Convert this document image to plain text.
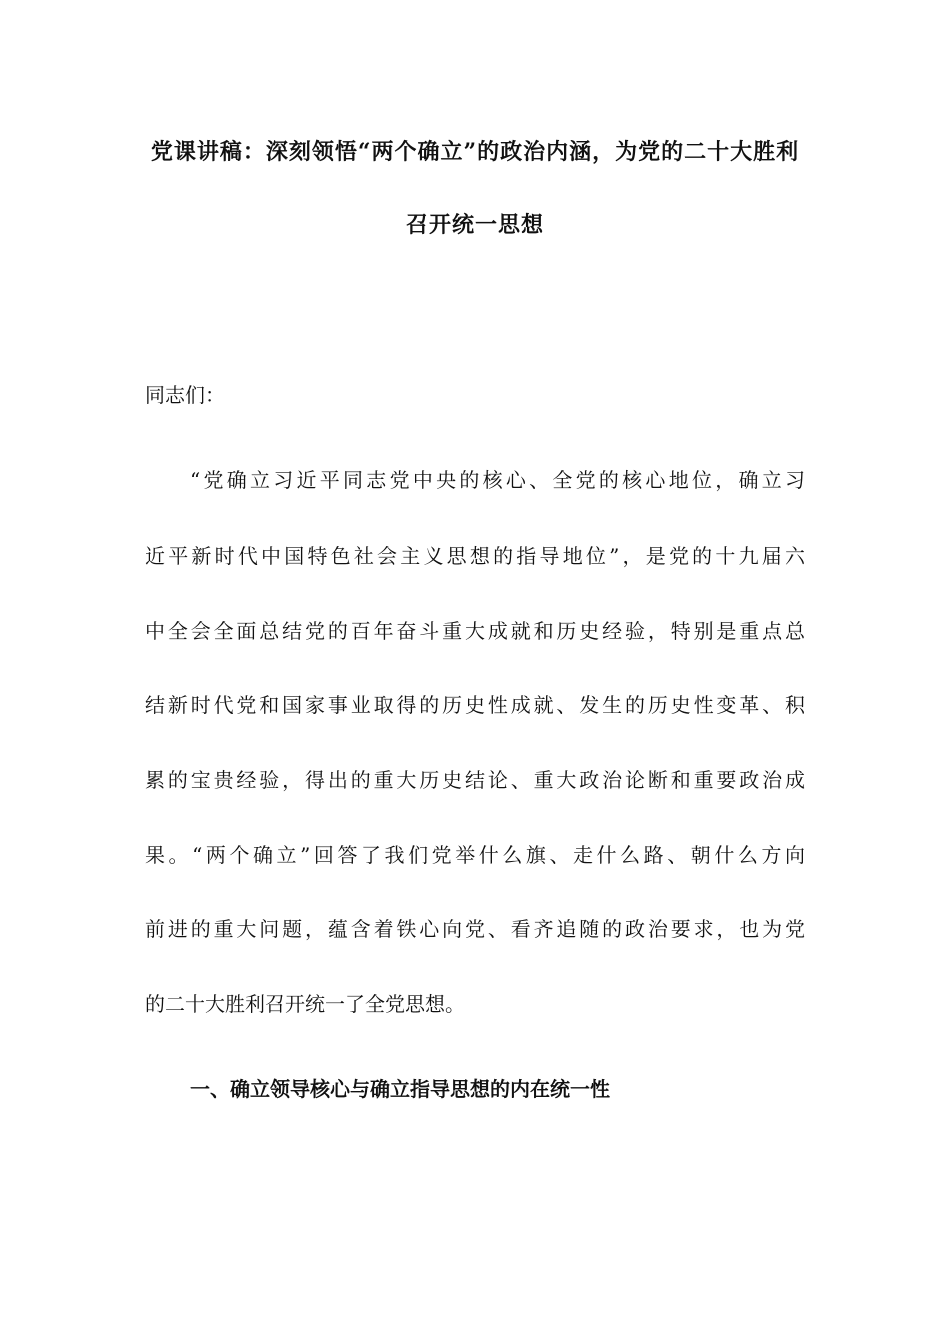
党课讲稿：深刻领悟“两个确立”的政治内涵，为党的二十大胜利
召开统一思想
同志们：
“党确立习近平同志党中央的核心、全党的核心地位，确立习
近平新时代中国特色社会主义思想的指导地位”，是党的十九届六
中全会全面总结党的百年奋斗重大成就和历史经验，特别是重点总
结新时代党和国家事业取得的历史性成就、发生的历史性变革、积
累的宝贵经验，得出的重大历史结论、重大政治论断和重要政治成
果。“两个确立”回答了我们党举什么旗、走什么路、朝什么方向
前进的重大问题，蕴含着铁心向党、看齐追随的政治要求，也为党
的二十大胜利召开统一了全党思想。
一、确立领导核心与确立指导思想的内在统一性
